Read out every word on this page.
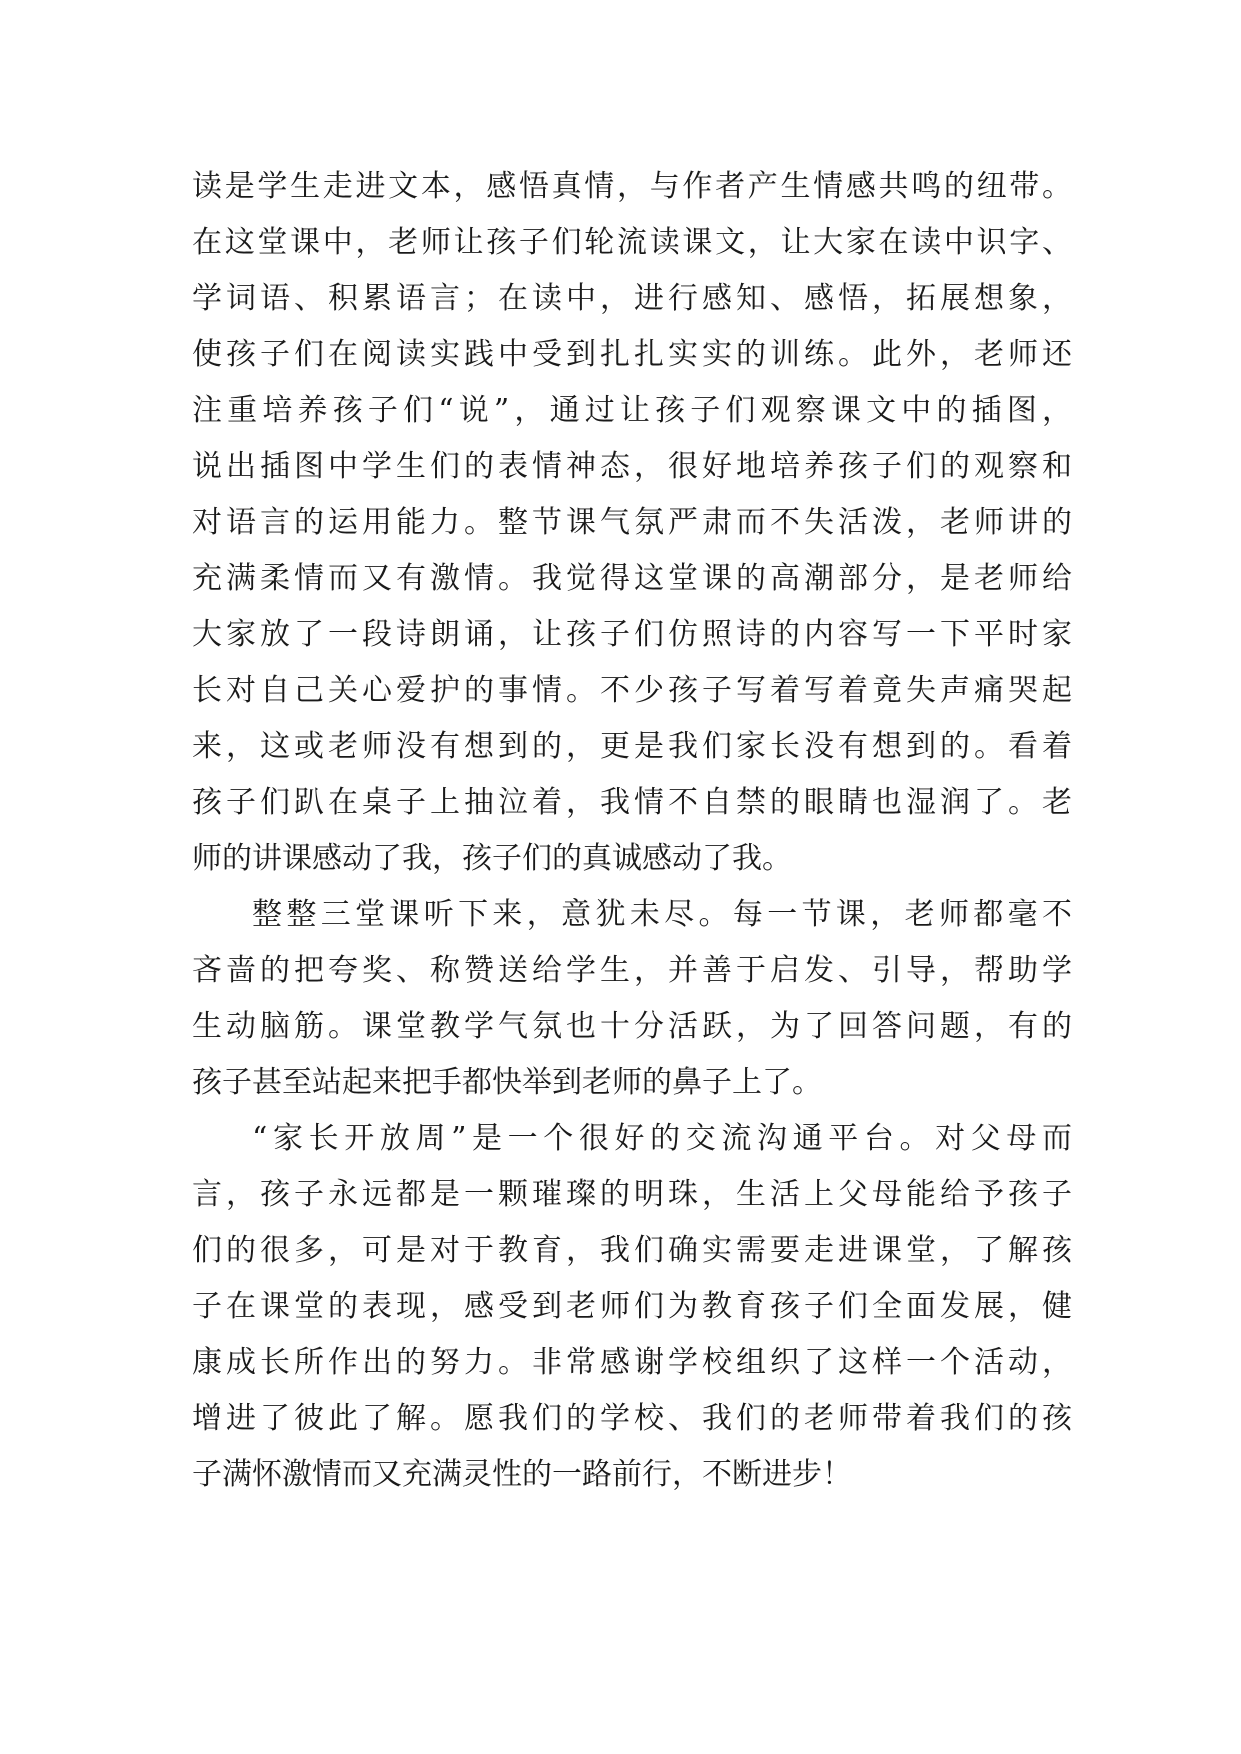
读是学生走进文本，感悟真情，与作者产生情感共鸣的纽带。
在这堂课中，老师让孩子们轮流读课文，让大家在读中识字、
学词语、积累语言；在读中，进行感知、感悟，拓展想象，
使孩子们在阅读实践中受到扎扎实实的训练。此外，老师还
注重培养孩子们“说”，通过让孩子们观察课文中的插图，
说出插图中学生们的表情神态，很好地培养孩子们的观察和
对语言的运用能力。整节课气氛严肃而不失活泼，老师讲的
充满柔情而又有激情。我觉得这堂课的高潮部分，是老师给
大家放了一段诗朗诵，让孩子们仿照诗的内容写一下平时家
长对自己关心爱护的事情。不少孩子写着写着竟失声痛哭起
来，这或老师没有想到的，更是我们家长没有想到的。看着
孩子们趴在桌子上抽泣着，我情不自禁的眼睛也湿润了。老
师的讲课感动了我，孩子们的真诚感动了我。
整整三堂课听下来，意犹未尽。每一节课，老师都毫不
吝啬的把夸奖、称赞送给学生，并善于启发、引导，帮助学
生动脑筋。课堂教学气氛也十分活跃，为了回答问题，有的
孩子甚至站起来把手都快举到老师的鼻子上了。
“家长开放周”是一个很好的交流沟通平台。对父母而
言，孩子永远都是一颗璀璨的明珠，生活上父母能给予孩子
们的很多，可是对于教育，我们确实需要走进课堂，了解孩
子在课堂的表现，感受到老师们为教育孩子们全面发展，健
康成长所作出的努力。非常感谢学校组织了这样一个活动，
增进了彼此了解。愿我们的学校、我们的老师带着我们的孩
子满怀激情而又充满灵性的一路前行，不断进步！
